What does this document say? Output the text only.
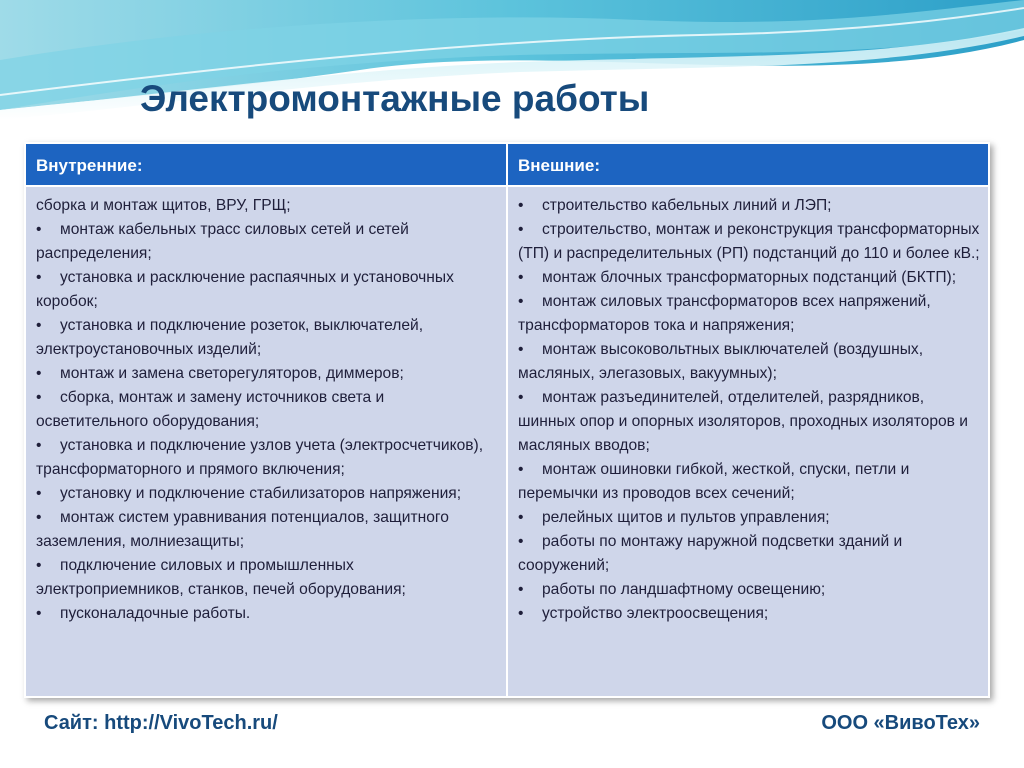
Электромонтажные работы
Внутренние:

сборка и монтаж щитов, ВРУ, ГРЩ;

• монтаж кабельных трасс силовых сетей и сетей распределения;

• установка и расключение распаячных и установочных коробок;

• установка и подключение розеток, выключателей, электроустановочных изделий;

• монтаж и замена светорегуляторов, диммеров;

• сборка, монтаж и замену источников света и осветительного оборудования;

• установка и подключение узлов учета (электросчетчиков), трансформаторного и прямого включения;

• установку и подключение стабилизаторов напряжения;

• монтаж систем уравнивания потенциалов, защитного заземления, молниезащиты;

• подключение силовых и промышленных электроприемников, станков, печей оборудования;

• пусконаладочные работы.

Внешние:

• строительство кабельных линий и ЛЭП;

• строительство, монтаж и реконструкция трансформаторных (ТП) и распределительных (РП) подстанций до 110 и более кВ.;

• монтаж блочных трансформаторных подстанций (БКТП);

• монтаж силовых трансформаторов всех напряжений, трансформаторов тока и напряжения;

• монтаж высоковольтных выключателей (воздушных, масляных, элегазовых, вакуумных);

• монтаж разъединителей, отделителей, разрядников, шинных опор и опорных изоляторов, проходных изоляторов и масляных вводов;

• монтаж ошиновки гибкой, жесткой, спуски, петли и перемычки из проводов всех сечений;

• релейных щитов и пультов управления;

• работы по монтажу наружной подсветки зданий и сооружений;

• работы по ландшафтному освещению;

• устройство электроосвещения;

Сайт: http://VivoTech.ru/	ООО «ВивоТех»
